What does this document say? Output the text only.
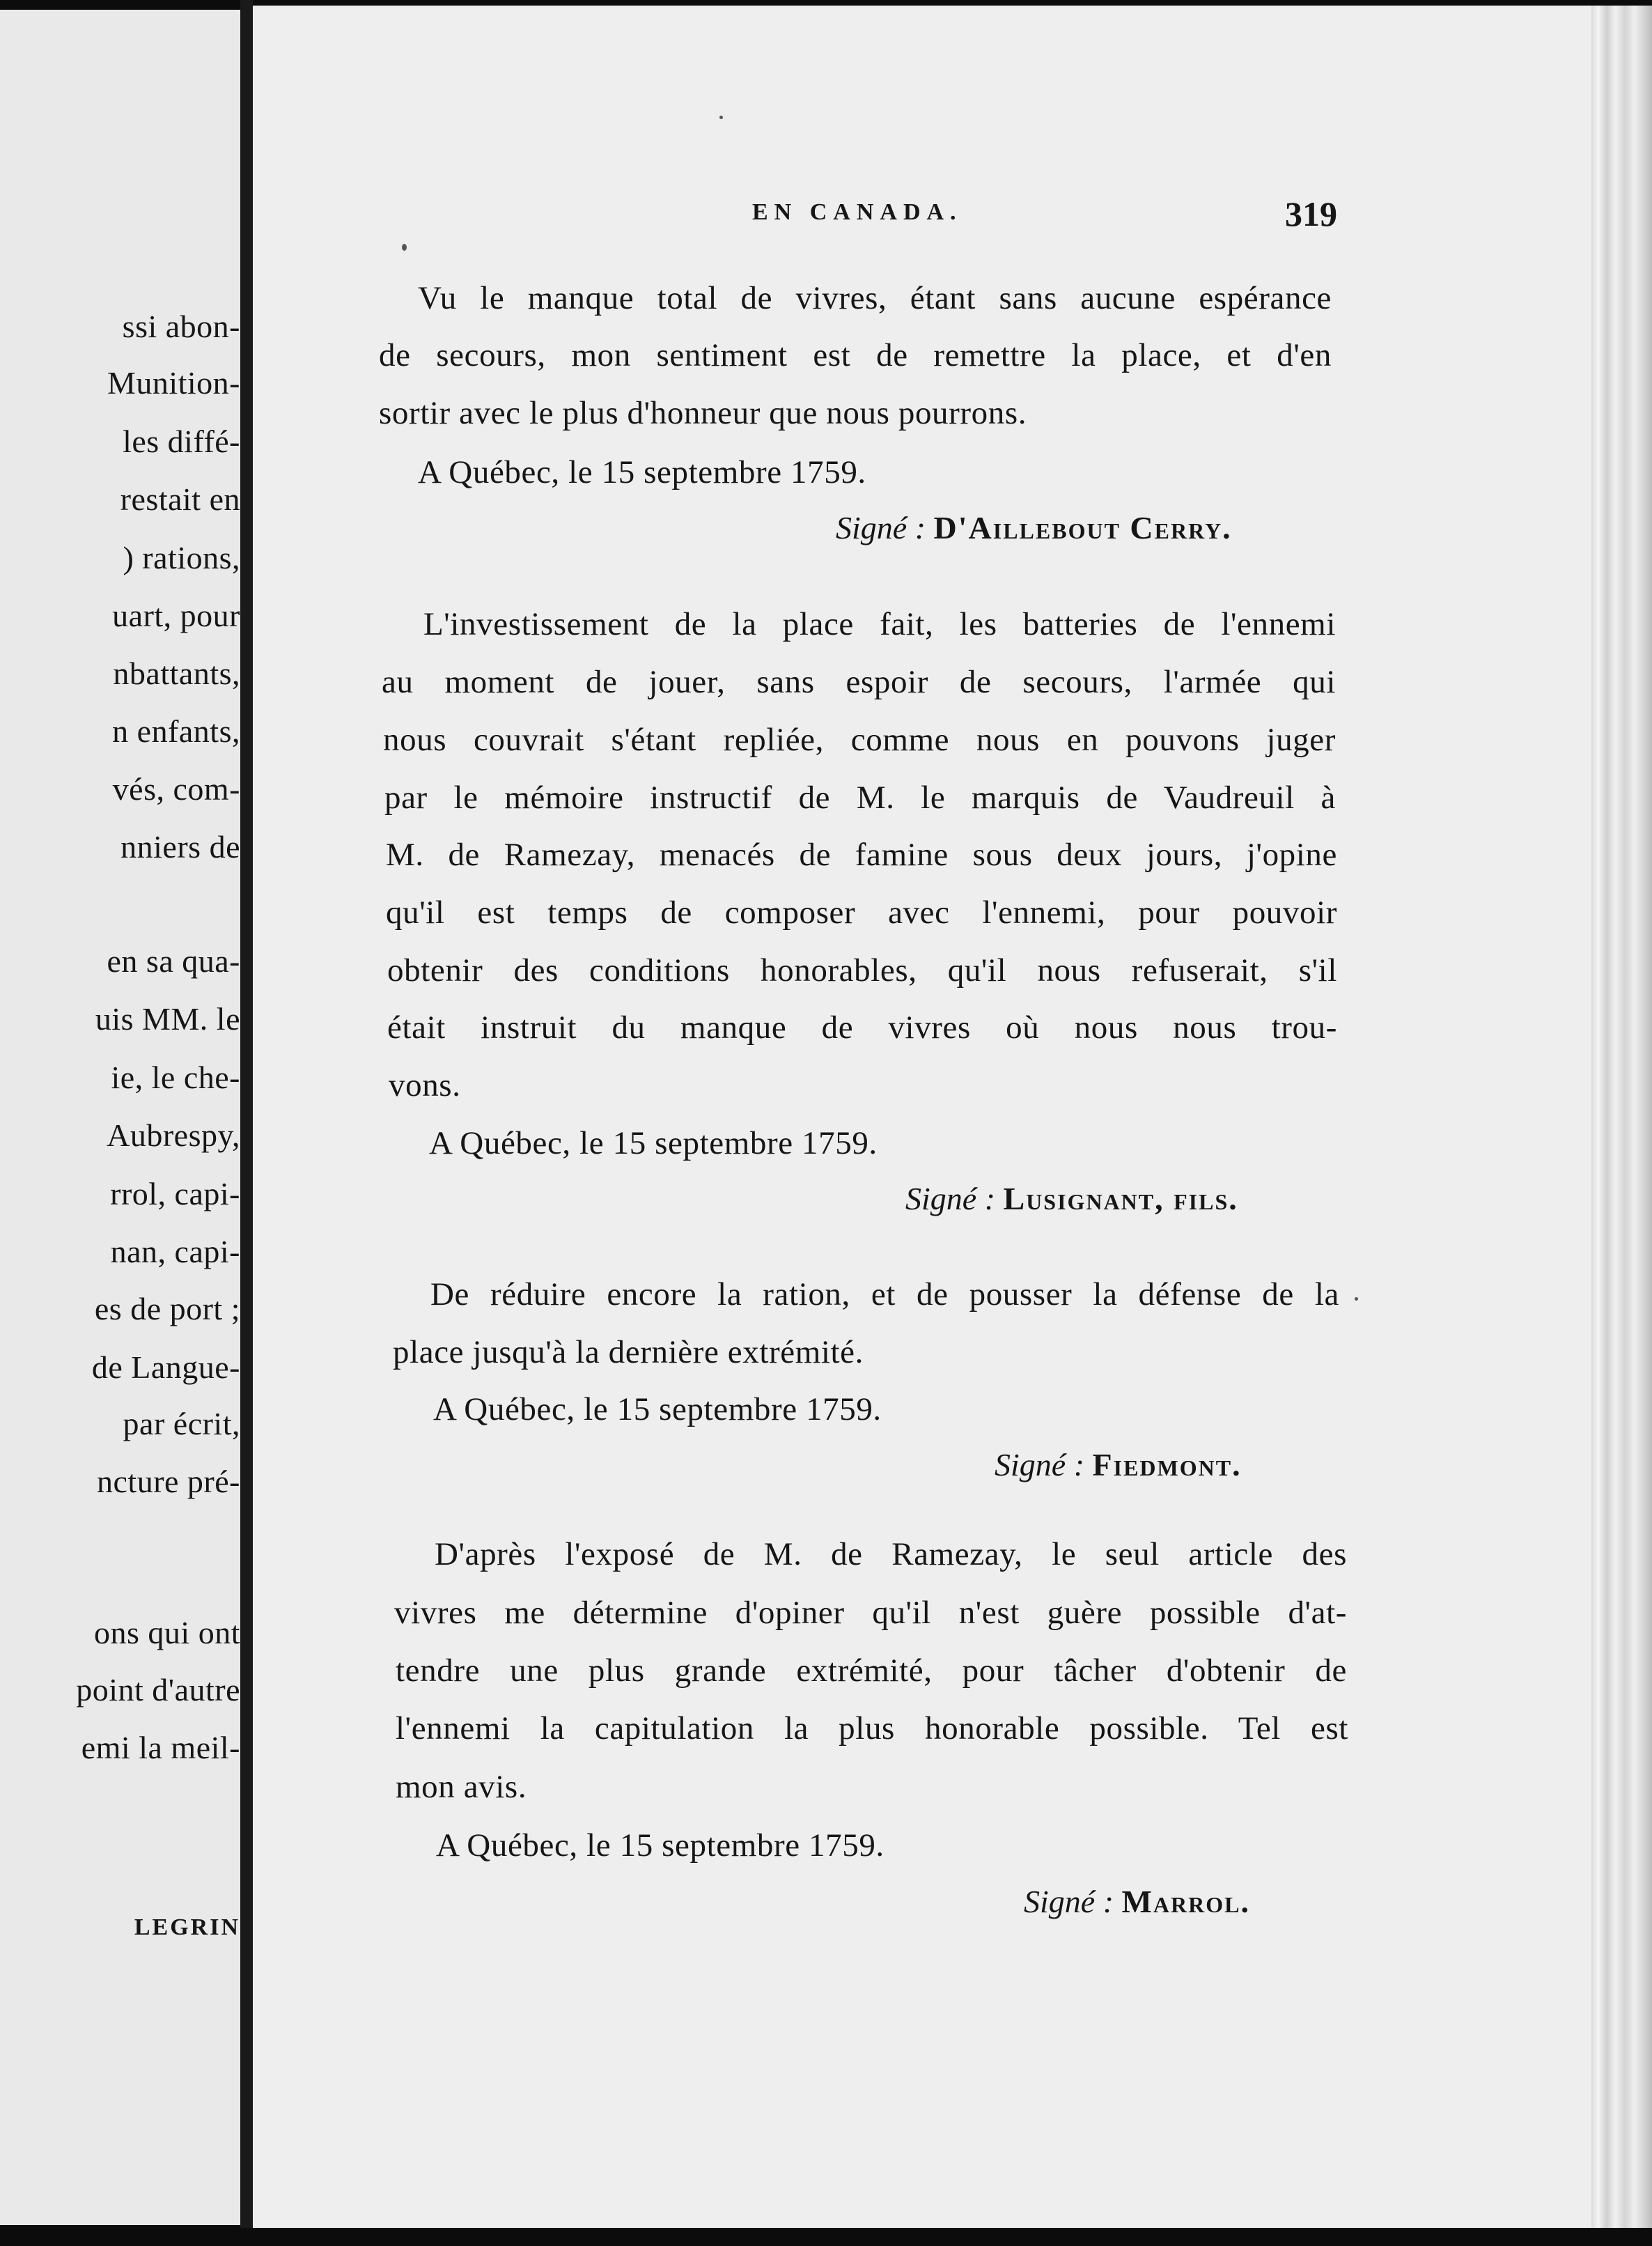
ssi abon-
Munition-
les diffé-
restait en
) rations,
uart, pour
nbattants,
n enfants,
vés, com-
nniers de
en sa qua-
uis MM. le
ie, le che-
Aubrespy,
rrol, capi-
nan, capi-
es de port ;
de Langue-
par écrit,
ncture pré-
ons qui ont
point d'autre
emi la meil-
LEGRIN
EN CANADA.	319
Vu le manque total de vivres, étant sans aucune espérance
de secours, mon sentiment est de remettre la place, et d'en
sortir avec le plus d'honneur que nous pourrons.
A Québec, le 15 septembre 1759.
Signé : D'Aillebout Cerry.
L'investissement de la place fait, les batteries de l'ennemi
au moment de jouer, sans espoir de secours, l'armée qui
nous couvrait s'étant repliée, comme nous en pouvons juger
par le mémoire instructif de M. le marquis de Vaudreuil à
M. de Ramezay, menacés de famine sous deux jours, j'opine
qu'il est temps de composer avec l'ennemi, pour pouvoir
obtenir des conditions honorables, qu'il nous refuserait, s'il
était instruit du manque de vivres où nous nous trou-
vons.
A Québec, le 15 septembre 1759.
Signé : Lusignant, fils.
De réduire encore la ration, et de pousser la défense de la
place jusqu'à la dernière extrémité.
A Québec, le 15 septembre 1759.
Signé : Fiedmont.
D'après l'exposé de M. de Ramezay, le seul article des
vivres me détermine d'opiner qu'il n'est guère possible d'at-
tendre une plus grande extrémité, pour tâcher d'obtenir de
l'ennemi la capitulation la plus honorable possible. Tel est
mon avis.
A Québec, le 15 septembre 1759.
Signé : Marrol.
